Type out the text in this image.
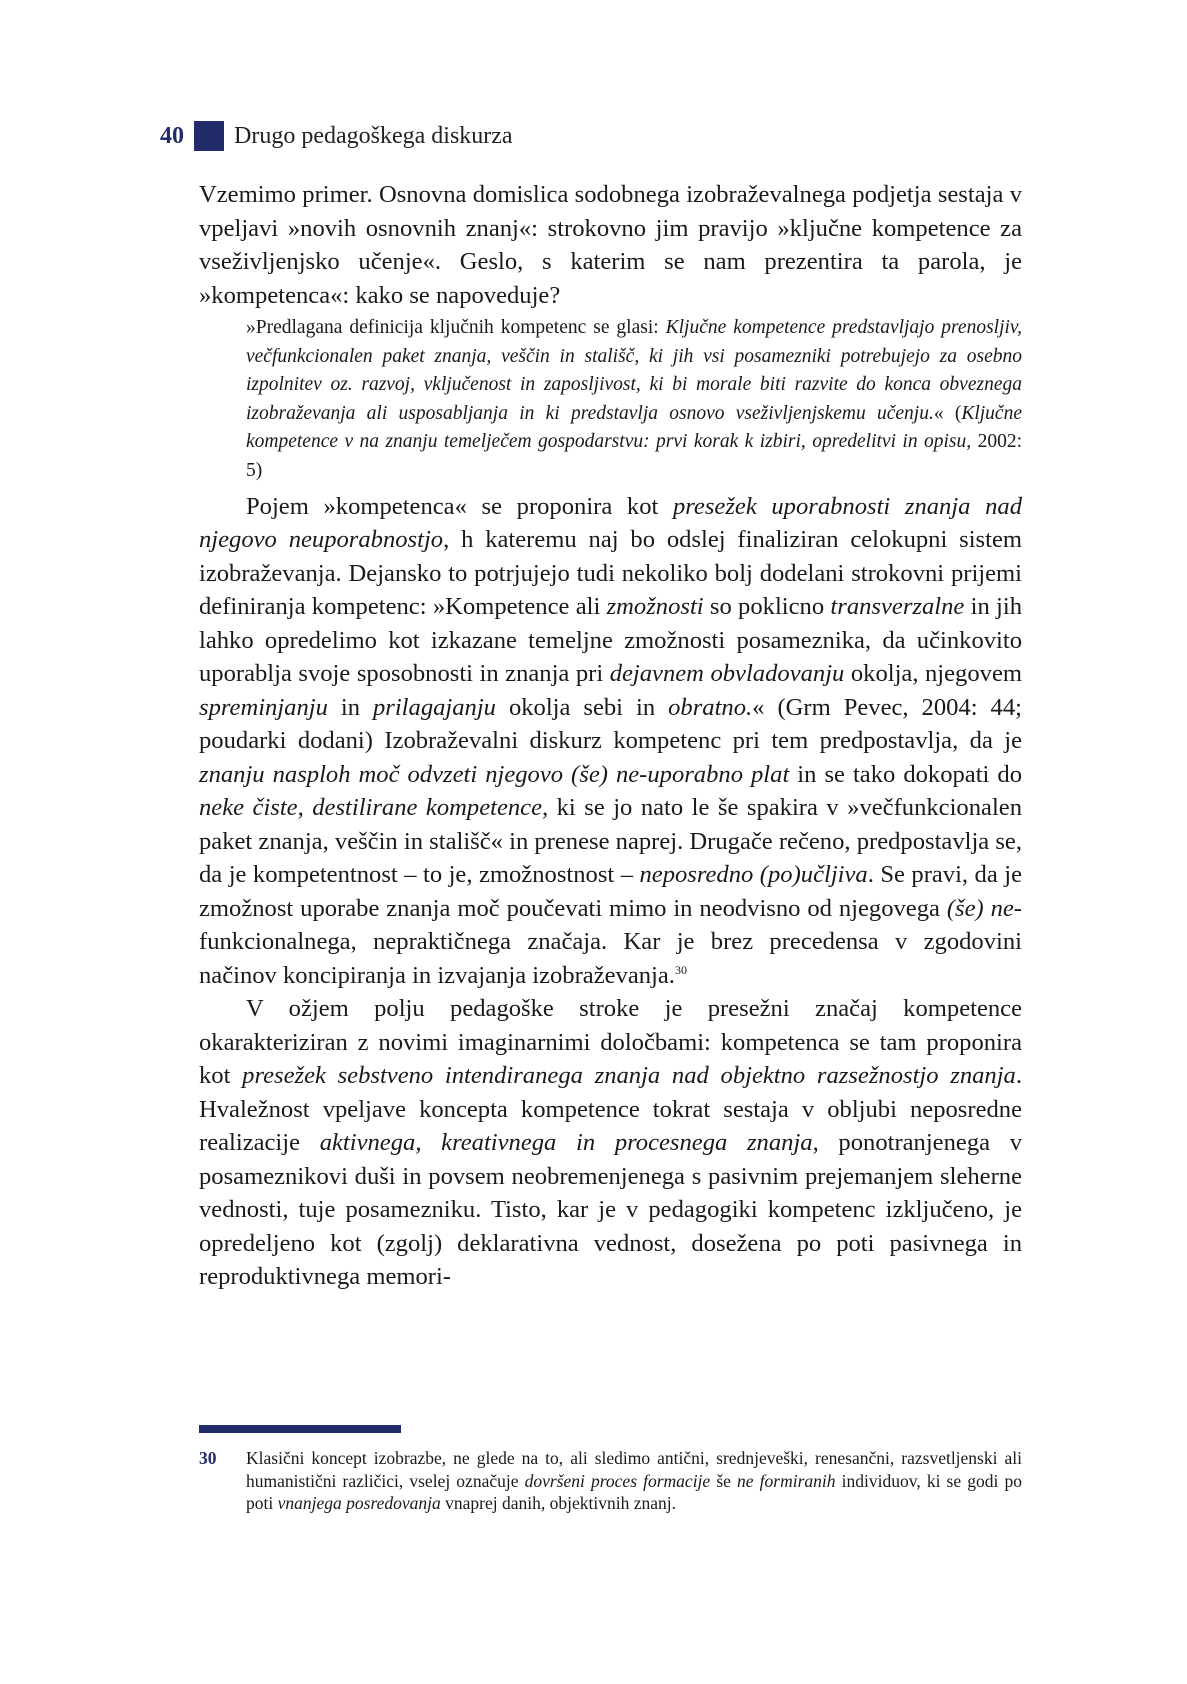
40 Drugo pedagoškega diskurza

Vzemimo primer. Osnovna domislica sodobnega izobraževalnega podjetja sestaja v vpeljavi »novih osnovnih znanj«: strokovno jim pravijo »ključne kompetence za vseživljenjsko učenje«. Geslo, s katerim se nam prezentira ta parola, je »kompetenca«: kako se napoveduje?

»Predlagana definicija ključnih kompetenc se glasi: Ključne kompetence predstavljajo prenosljiv, večfunkcionalen paket znanja, veščin in stališč, ki jih vsi posamezniki potrebujejo za osebno izpolnitev oz. razvoj, vključenost in zaposljivost, ki bi morale biti razvite do konca obveznega izobraževanja ali usposabljanja in ki predstavlja osnovo vseživljenjskemu učenju.« (Ključne kompetence v na znanju temelječem gospodarstvu: prvi korak k izbiri, opredelitvi in opisu, 2002: 5)

Pojem »kompetenca« se proponira kot presežek uporabnosti znanja nad njegovo neuporabnostjo, h kateremu naj bo odslej finaliziran celokupni sistem izobraževanja. Dejansko to potrjujejo tudi nekoliko bolj dodelani strokovni prijemi definiranja kompetenc: »Kompetence ali zmožnosti so poklicno transverzalne in jih lahko opredelimo kot izkazane temeljne zmožnosti posameznika, da učinkovito uporablja svoje sposobnosti in znanja pri dejavnem obvladovanju okolja, njegovem spreminjanju in prilagajanju okolja sebi in obratno.« (Grm Pevec, 2004: 44; poudarki dodani) Izobraževalni diskurz kompetenc pri tem predpostavlja, da je znanju nasploh moč odvzeti njegovo (še) ne-uporabno plat in se tako dokopati do neke čiste, destilirane kompetence, ki se jo nato le še spakira v »večfunkcionalen paket znanja, veščin in stališč« in prenese naprej. Drugače rečeno, predpostavlja se, da je kompetentnost – to je, zmožnostnost – neposredno (po)učljiva. Se pravi, da je zmožnost uporabe znanja moč poučevati mimo in neodvisno od njegovega (še) ne-funkcionalnega, nepraktičnega značaja. Kar je brez precedensa v zgodovini načinov koncipiranja in izvajanja izobraževanja.$^{30}$

V ožjem polju pedagoške stroke je presežni značaj kompetence okarakteriziran z novimi imaginarnimi določbami: kompetenca se tam proponira kot presežek sebstveno intendiranega znanja nad objektno razsežnostjo znanja. Hvaležnost vpeljave koncepta kompetence tokrat sestaja v obljubi neposredne realizacije aktivnega, kreativnega in procesnega znanja, ponotranjenega v posameznikovi duši in povsem neobremenjenega s pasivnim prejemanjem sleherne vednosti, tuje posamezniku. Tisto, kar je v pedagogiki kompetenc izključeno, je opredeljeno kot (zgolj) deklarativna vednost, dosežena po poti pasivnega in reproduktivnega memori-

30	Klasični koncept izobrazbe, ne glede na to, ali sledimo antični, srednjeveški, renesančni, razsvetljenski ali humanistični različici, vselej označuje dovršeni proces formacije še ne formiranih individuov, ki se godi po poti vnanjega posredovanja vnaprej danih, objektivnih znanj.
